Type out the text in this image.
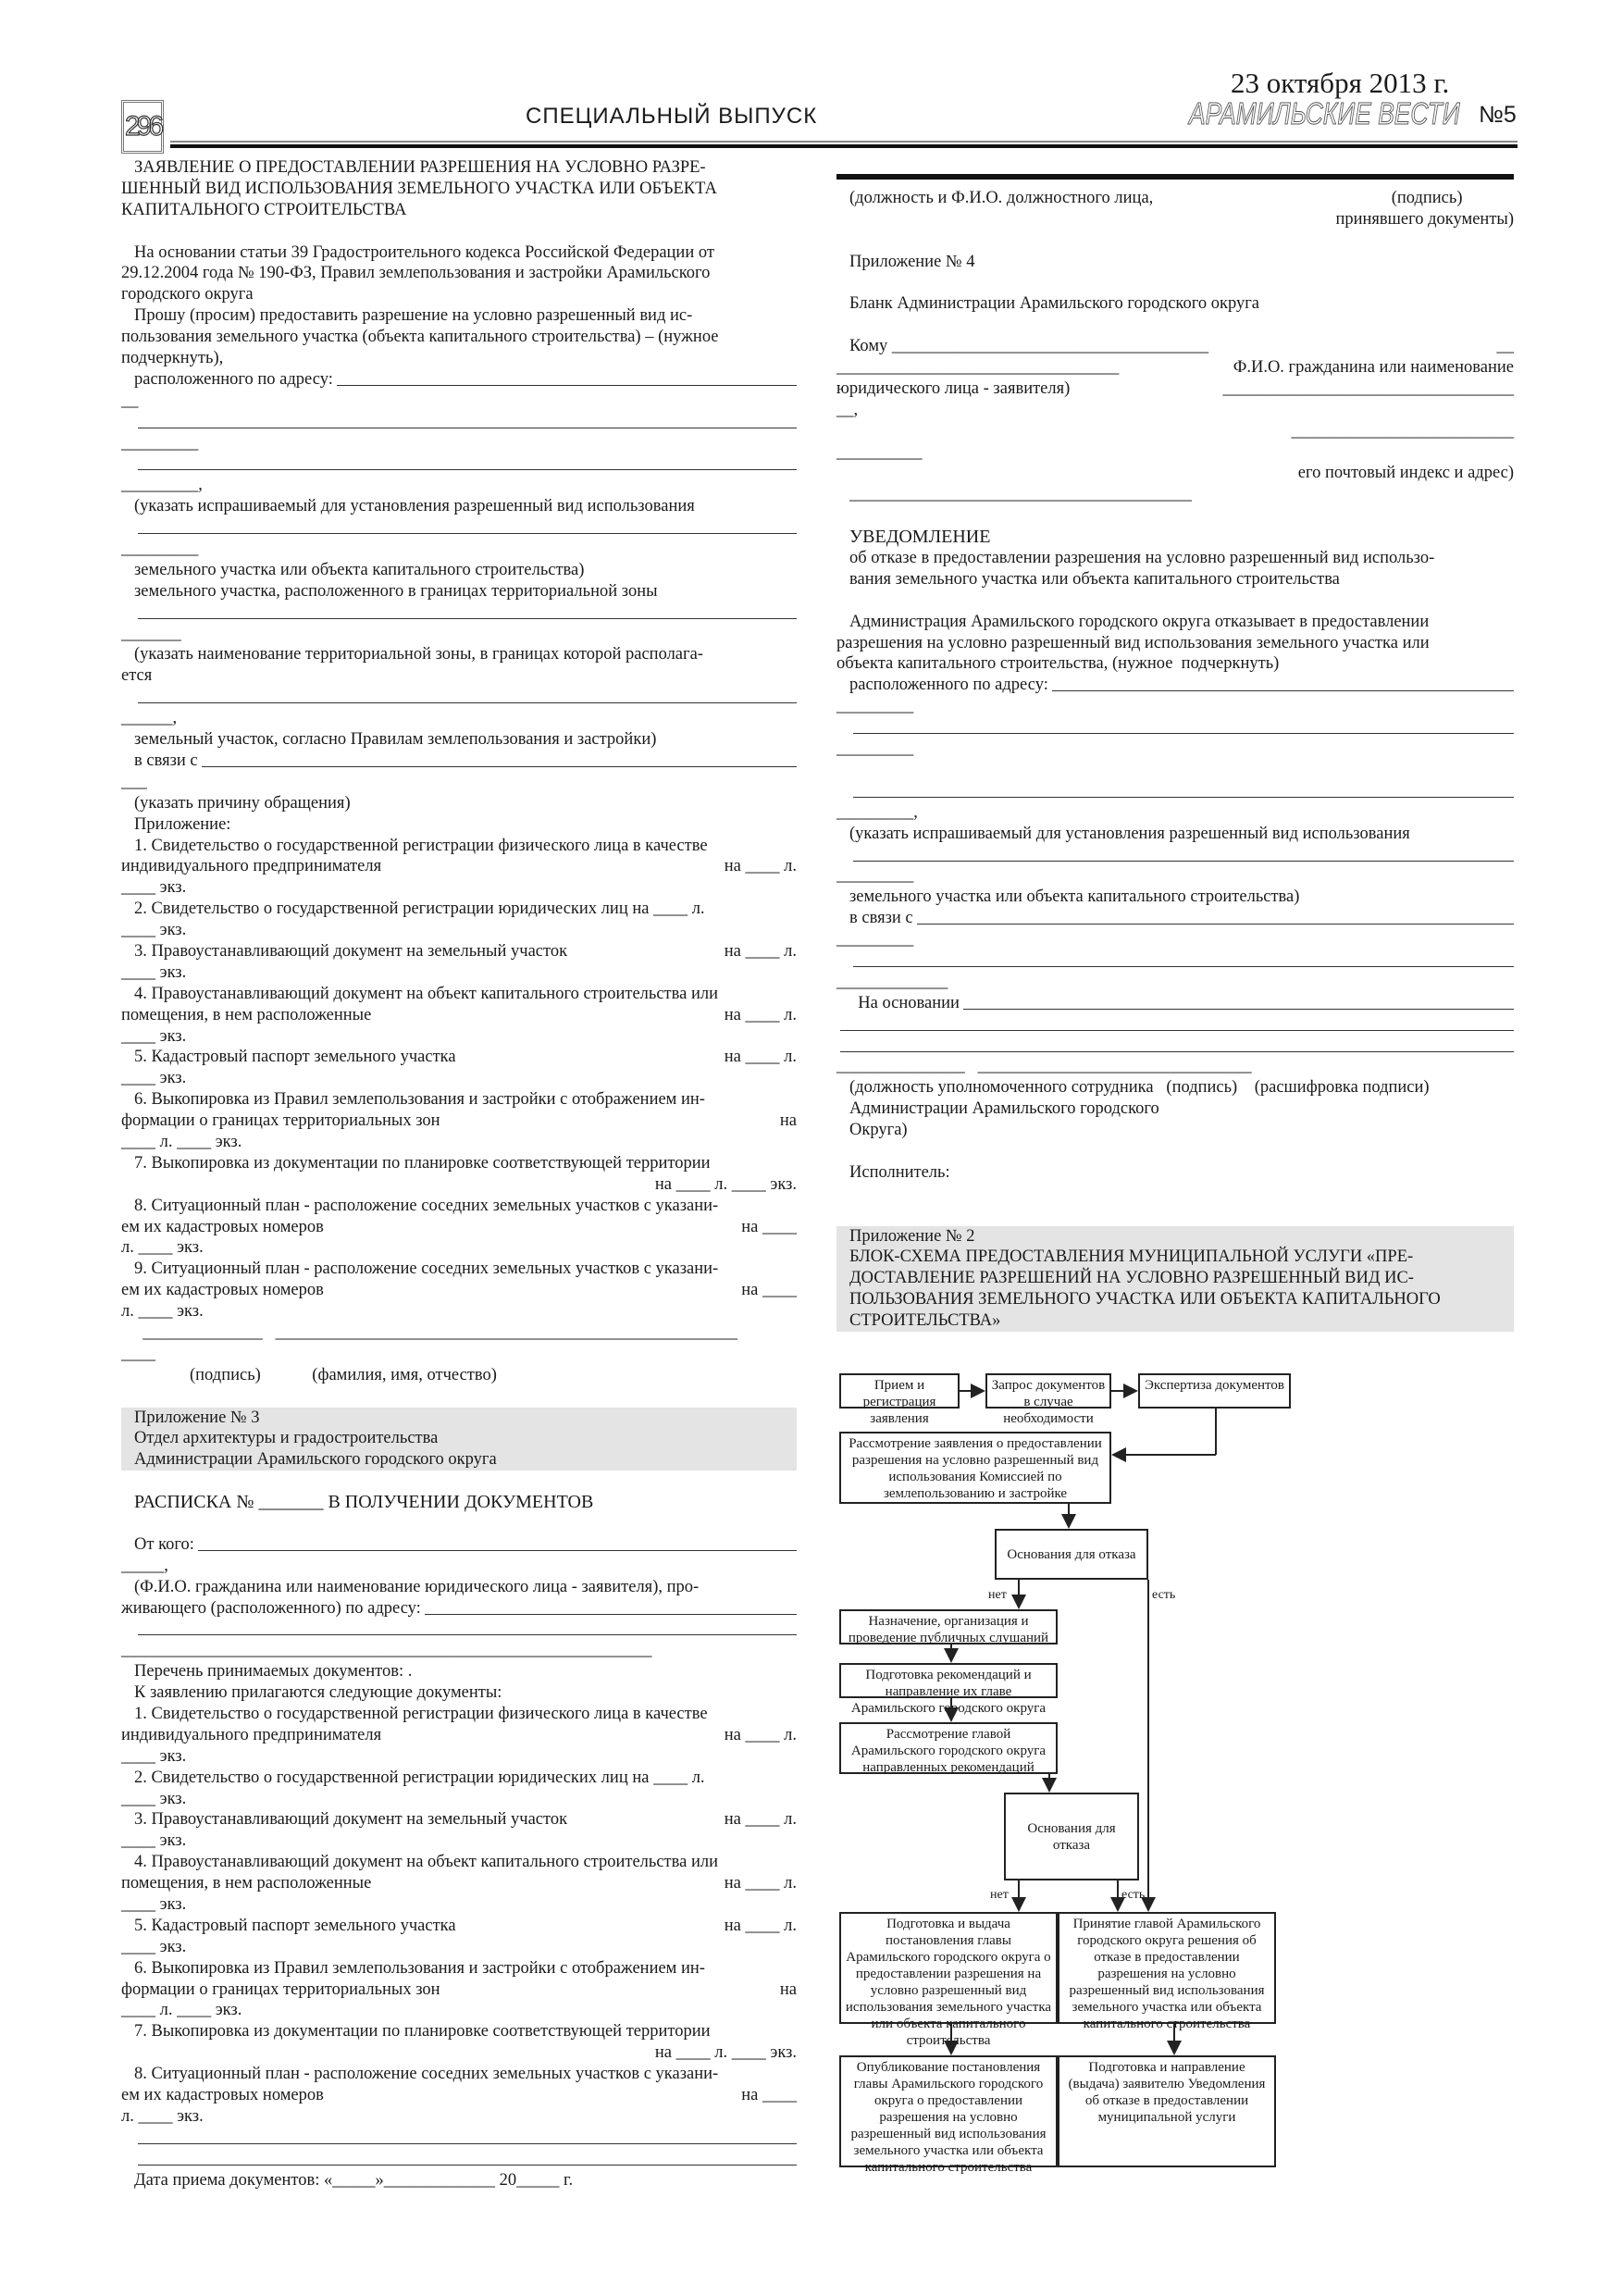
296	СПЕЦИАЛЬНЫЙ ВЫПУСК
23 октября 2013 г.
АРАМИЛЬСКИЕ ВЕСТИ №5
ЗАЯВЛЕНИЕ О ПРЕДОСТАВЛЕНИИ РАЗРЕШЕНИЯ НА УСЛОВНО РАЗРЕ-
ШЕННЫЙ ВИД ИСПОЛЬЗОВАНИЯ ЗЕМЕЛЬНОГО УЧАСТКА ИЛИ ОБЪЕКТА
КАПИТАЛЬНОГО СТРОИТЕЛЬСТВА
На основании статьи 39 Градостроительного кодекса Российской Федерации от
29.12.2004 года № 190-ФЗ, Правил землепользования и застройки Арамильского
городского округа
Прошу (просим) предоставить разрешение на условно разрешенный вид ис-
пользования земельного участка (объекта капитального строительства) – (нужное
подчеркнуть),
расположенного по адресу:
__
_________
_________,
(указать испрашиваемый для установления разрешенный вид использования
_________
земельного участка или объекта капитального строительства)
земельного участка, расположенного в границах территориальной зоны
_______
(указать наименование территориальной зоны, в границах которой располага-
ется
______,
земельный участок, согласно Правилам землепользования и застройки)
в связи с
___
(указать причину обращения)
Приложение:
1. Свидетельство о государственной регистрации физического лица в качестве
индивидуального предпринимателя	на ____ л.
____ экз.
2. Свидетельство о государственной регистрации юридических лиц на ____ л.
____ экз.
3. Правоустанавливающий документ на земельный участок	на ____ л.
____ экз.
4. Правоустанавливающий документ на объект капитального строительства или
помещения, в нем расположенные	на ____ л.
____ экз.
5. Кадастровый паспорт земельного участка	на ____ л.
____ экз.
6. Выкопировка из Правил землепользования и застройки с отображением ин-
формации о границах территориальных зон	на
____ л. ____ экз.
7. Выкопировка из документации по планировке соответствующей территории
на ____ л. ____ экз.
8. Ситуационный план - расположение соседних земельных участков с указани-
ем их кадастровых номеров	на ____
л. ____ экз.
9. Ситуационный план - расположение соседних земельных участков с указани-
ем их кадастровых номеров	на ____
л. ____ экз.
______________   ______________________________________________________
____
(подпись)            (фамилия, имя, отчество)
Приложение № 3
Отдел архитектуры и градостроительства
Администрации Арамильского городского округа
РАСПИСКА № _______ В ПОЛУЧЕНИИ ДОКУМЕНТОВ
От кого:
_____,
(Ф.И.О. гражданина или наименование юридического лица - заявителя), про-
живающего (расположенного) по адресу:
______________________________________________________________
Перечень принимаемых документов: .
К заявлению прилагаются следующие документы:
1. Свидетельство о государственной регистрации физического лица в качестве
индивидуального предпринимателя	на ____ л.
____ экз.
2. Свидетельство о государственной регистрации юридических лиц на ____ л.
____ экз.
3. Правоустанавливающий документ на земельный участок	на ____ л.
____ экз.
4. Правоустанавливающий документ на объект капитального строительства или
помещения, в нем расположенные	на ____ л.
____ экз.
5. Кадастровый паспорт земельного участка	на ____ л.
____ экз.
6. Выкопировка из Правил землепользования и застройки с отображением ин-
формации о границах территориальных зон	на
____ л. ____ экз.
7. Выкопировка из документации по планировке соответствующей территории
на ____ л. ____ экз.
8. Ситуационный план - расположение соседних земельных участков с указани-
ем их кадастровых номеров	на ____
л. ____ экз.
Дата приема документов: «_____»_____________ 20_____ г.
(должность и Ф.И.О. должностного лица,	(подпись)
принявшего документы)
Приложение № 4
Бланк Администрации Арамильского городского округа
Кому _____________________________________	__
_________________________________	Ф.И.О. гражданина или наименование
юридического лица - заявителя)	__________________________________
__,
__________________________
__________
его почтовый индекс и адрес)
________________________________________
УВЕДОМЛЕНИЕ
об отказе в предоставлении разрешения на условно разрешенный вид использо-
вания земельного участка или объекта капитального строительства
Администрация Арамильского городского округа отказывает в предоставлении
разрешения на условно разрешенный вид использования земельного участка или
объекта капитального строительства, (нужное  подчеркнуть)
расположенного по адресу:
_________
_________
_________,
(указать испрашиваемый для установления разрешенный вид использования
_________
земельного участка или объекта капитального строительства)
в связи с
_________
_____________
На основании
_______________   ________________________________
(должность уполномоченного сотрудника   (подпись)    (расшифровка подписи)
Администрации Арамильского городского
Округа)
Исполнитель:
Приложение № 2
БЛОК-СХЕМА ПРЕДОСТАВЛЕНИЯ МУНИЦИПАЛЬНОЙ УСЛУГИ «ПРЕ-
ДОСТАВЛЕНИЕ РАЗРЕШЕНИЙ НА УСЛОВНО РАЗРЕШЕННЫЙ ВИД ИС-
ПОЛЬЗОВАНИЯ ЗЕМЕЛЬНОГО УЧАСТКА ИЛИ ОБЪЕКТА КАПИТАЛЬНОГО
СТРОИТЕЛЬСТВА»
Прием и регистрация заявления
Запрос документов в случае необходимости
Экспертиза документов
Рассмотрение заявления о предоставлении разрешения на условно разрешенный вид использования Комиссией по землепользованию и застройке
Основания для отказа
Назначение, организация и проведение публичных слушаний
Подготовка рекомендаций и направление их главе Арамильского городского округа
Рассмотрение главой Арамильского городского округа направленных рекомендаций
Основания для отказа
Подготовка и выдача постановления главы Арамильского городского округа о предоставлении разрешения на условно разрешенный вид использования земельного участка или объекта капитального строительства
Принятие главой Арамильского городского округа решения об отказе в предоставлении разрешения на условно разрешенный вид использования земельного участка или объекта капитального строительства
Опубликование постановления главы Арамильского городского округа о предоставлении разрешения на условно разрешенный вид использования земельного участка или объекта капитального строительства
Подготовка и направление (выдача) заявителю Уведомления об отказе в предоставлении муниципальной услуги
нет	есть
нет	есть
